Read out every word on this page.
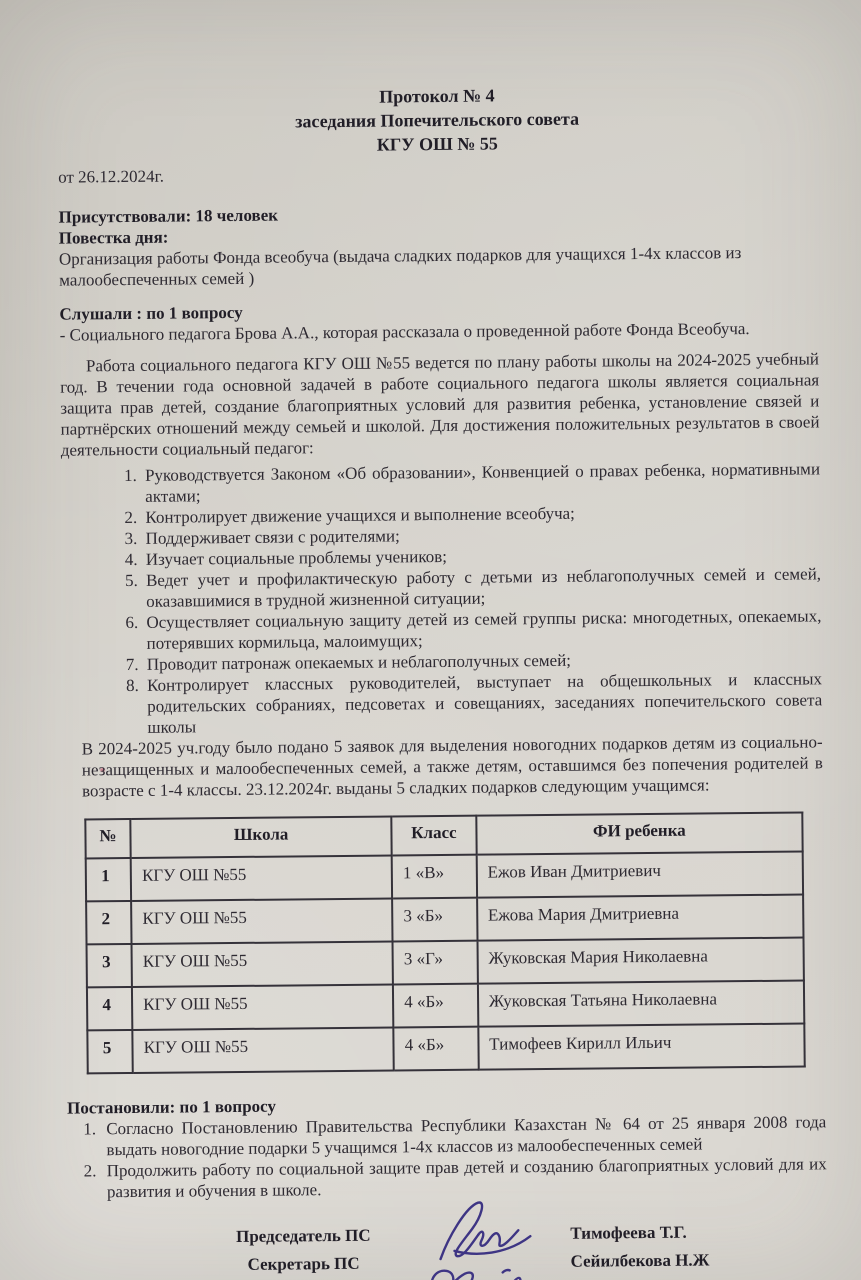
Протокол № 4
заседания Попечительского совета
КГУ ОШ № 55
от 26.12.2024г.
Присутствовали: 18 человек
Повестка дня:

Организация работы Фонда всеобуча (выдача сладких подарков для учащихся 1-4х классов из малообеспеченных семей )

Слушали : по 1 вопросу
- Социального педагога Брова А.А., которая рассказала о проведенной работе Фонда Всеобуча.

Работа социального педагога КГУ ОШ №55 ведется по плану работы школы на 2024-2025 учебный год. В течении года основной задачей в работе социального педагога школы является социальная защита прав детей, создание благоприятных условий для развития ребенка, установление связей и партнёрских отношений между семьей и школой. Для достижения положительных результатов в своей деятельности социальный педагог:

1. Руководствуется Законом «Об образовании», Конвенцией о правах ребенка, нормативными актами;
2. Контролирует движение учащихся и выполнение всеобуча;
3. Поддерживает связи с родителями;
4. Изучает социальные проблемы учеников;
5. Ведет учет и профилактическую работу с детьми из неблагополучных семей и семей, оказавшимися в трудной жизненной ситуации;
6. Осуществляет социальную защиту детей из семей группы риска: многодетных, опекаемых, потерявших кормильца, малоимущих;
7. Проводит патронаж опекаемых и неблагополучных семей;
8. Контролирует классных руководителей, выступает на общешкольных и классных родительских собраниях, педсоветах и совещаниях, заседаниях попечительского совета школы

В 2024-2025 уч.году было подано 5 заявок для выделения новогодних подарков детям из социально-незащищенных и малообеспеченных семей, а также детям, оставшимся без попечения родителей в возрасте с 1-4 классы. 23.12.2024г. выданы 5 сладких подарков следующим учащимся:

№	Школа	Класс	ФИ ребенка
1	КГУ ОШ №55	1 «В»	Ежов Иван Дмитриевич
2	КГУ ОШ №55	3 «Б»	Ежова Мария Дмитриевна
3	КГУ ОШ №55	3 «Г»	Жуковская Мария Николаевна
4	КГУ ОШ №55	4 «Б»	Жуковская Татьяна Николаевна
5	КГУ ОШ №55	4 «Б»	Тимофеев Кирилл Ильич
Постановили: по 1 вопросу
1. Согласно Постановлению Правительства Республики Казахстан № 64 от 25 января 2008 года выдать новогодние подарки 5 учащимся 1-4х классов из малообеспеченных семей
2. Продолжить работу по социальной защите прав детей и созданию благоприятных условий для их развития и обучения в школе.
Председатель ПС
Секретарь ПС
Тимофеева Т.Г.
Сейилбекова Н.Ж
